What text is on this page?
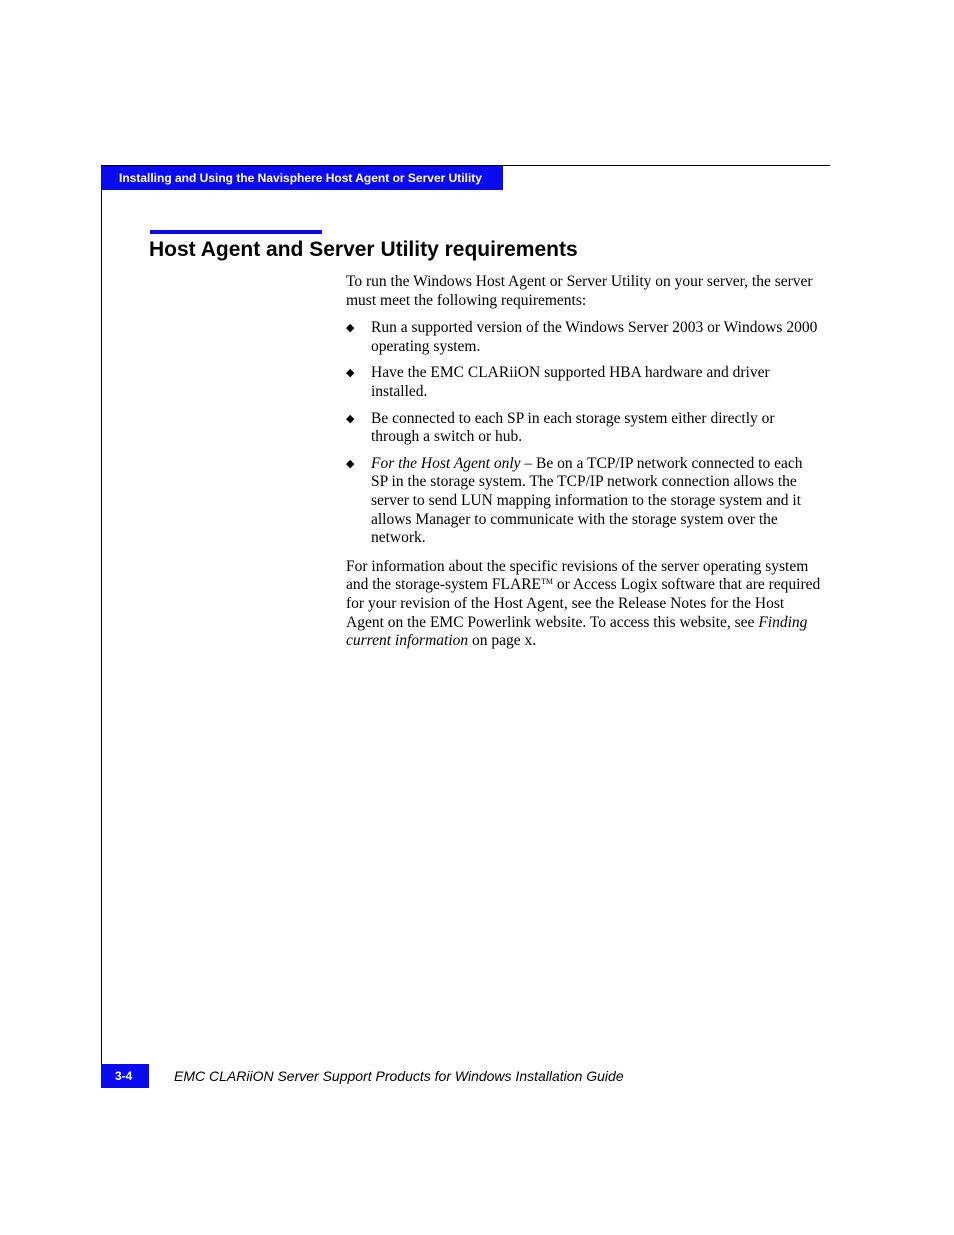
Installing and Using the Navisphere Host Agent or Server Utility
Host Agent and Server Utility requirements

To run the Windows Host Agent or Server Utility on your server, the server must meet the following requirements:

◆ Run a supported version of the Windows Server 2003 or Windows 2000 operating system.
◆ Have the EMC CLARiiON supported HBA hardware and driver installed.
◆ Be connected to each SP in each storage system either directly or through a switch or hub.
◆ For the Host Agent only – Be on a TCP/IP network connected to each SP in the storage system. The TCP/IP network connection allows the server to send LUN mapping information to the storage system and it allows Manager to communicate with the storage system over the network.

For information about the specific revisions of the server operating system and the storage-system FLARE™ or Access Logix software that are required for your revision of the Host Agent, see the Release Notes for the Host Agent on the EMC Powerlink website. To access this website, see Finding current information on page x.

3-4	EMC CLARiiON Server Support Products for Windows Installation Guide
